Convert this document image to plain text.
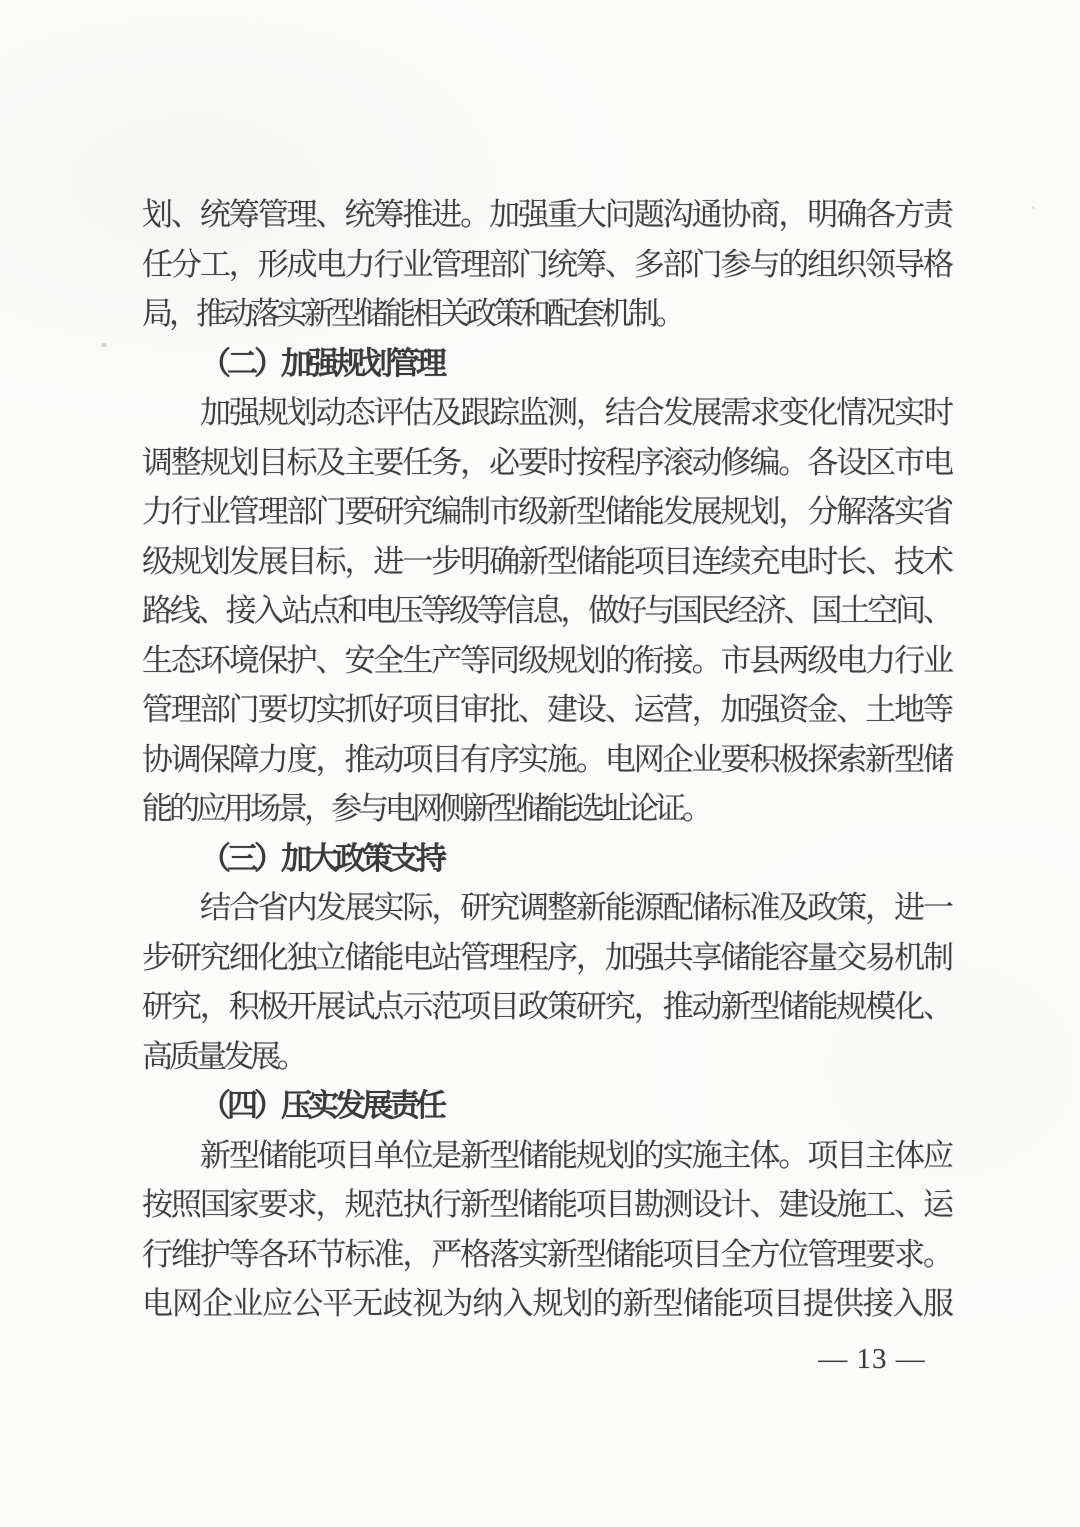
划、统筹管理、统筹推进。加强重大问题沟通协商，明确各方责
任分工，形成电力行业管理部门统筹、多部门参与的组织领导格
局，推动落实新型储能相关政策和配套机制。
（二）加强规划管理
加强规划动态评估及跟踪监测，结合发展需求变化情况实时
调整规划目标及主要任务，必要时按程序滚动修编。各设区市电
力行业管理部门要研究编制市级新型储能发展规划，分解落实省
级规划发展目标，进一步明确新型储能项目连续充电时长、技术
路线、接入站点和电压等级等信息，做好与国民经济、国土空间、
生态环境保护、安全生产等同级规划的衔接。市县两级电力行业
管理部门要切实抓好项目审批、建设、运营，加强资金、土地等
协调保障力度，推动项目有序实施。电网企业要积极探索新型储
能的应用场景，参与电网侧新型储能选址论证。
（三）加大政策支持
结合省内发展实际，研究调整新能源配储标准及政策，进一
步研究细化独立储能电站管理程序，加强共享储能容量交易机制
研究，积极开展试点示范项目政策研究，推动新型储能规模化、
高质量发展。
（四）压实发展责任
新型储能项目单位是新型储能规划的实施主体。项目主体应
按照国家要求，规范执行新型储能项目勘测设计、建设施工、运
行维护等各环节标准，严格落实新型储能项目全方位管理要求。
电网企业应公平无歧视为纳入规划的新型储能项目提供接入服
— 13 —
